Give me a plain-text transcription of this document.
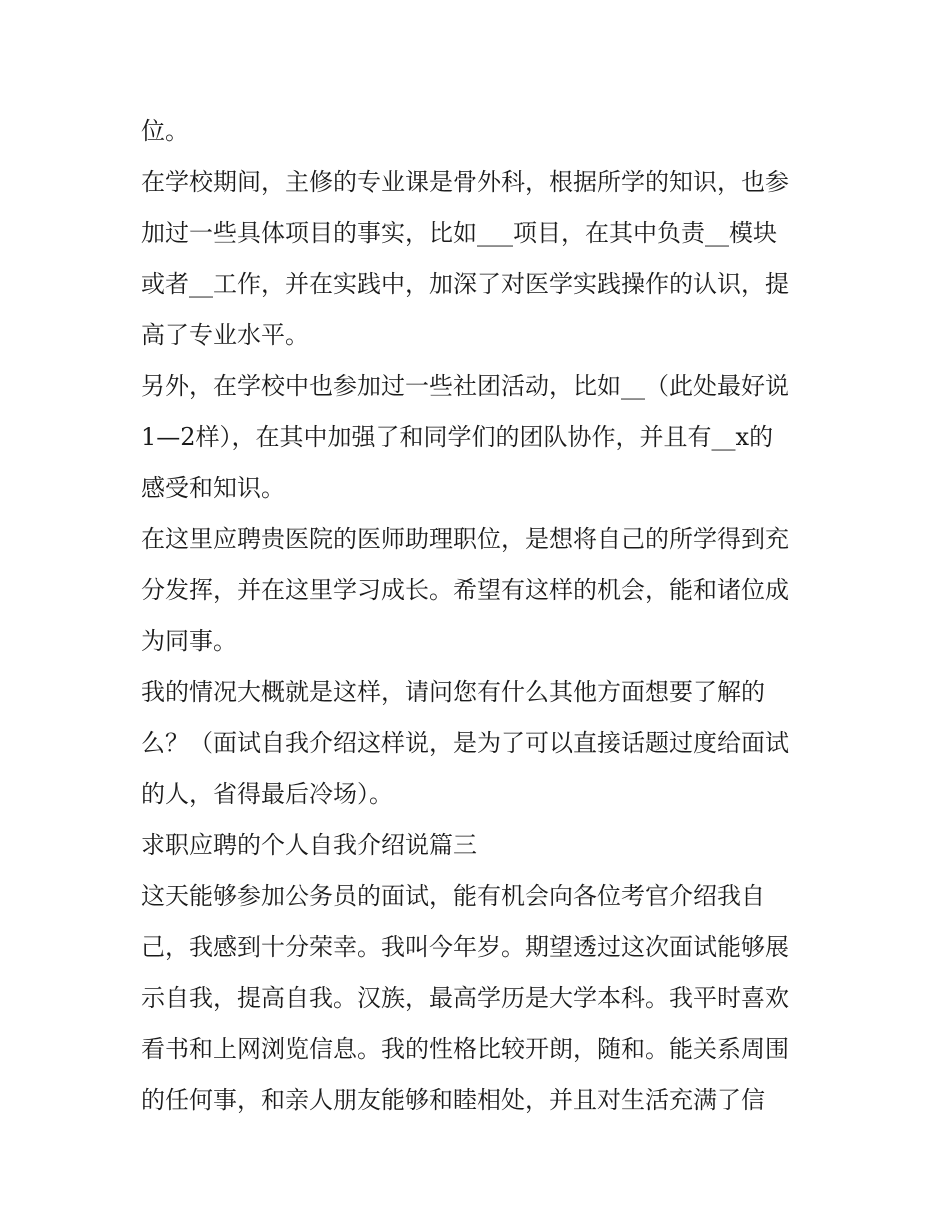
位。

在学校期间，主修的专业课是骨外科，根据所学的知识，也参
加过一些具体项目的事实，比如___项目，在其中负责__模块
或者__工作，并在实践中，加深了对医学实践操作的认识，提
高了专业水平。

另外，在学校中也参加过一些社团活动，比如__（此处最好说
1—2样），在其中加强了和同学们的团队协作，并且有__x的
感受和知识。

在这里应聘贵医院的医师助理职位，是想将自己的所学得到充
分发挥，并在这里学习成长。希望有这样的机会，能和诸位成
为同事。

我的情况大概就是这样，请问您有什么其他方面想要了解的
么？（面试自我介绍这样说，是为了可以直接话题过度给面试
的人，省得最后冷场）。

求职应聘的个人自我介绍说篇三

这天能够参加公务员的面试，能有机会向各位考官介绍我自
己，我感到十分荣幸。我叫今年岁。期望透过这次面试能够展
示自我，提高自我。汉族，最高学历是大学本科。我平时喜欢
看书和上网浏览信息。我的性格比较开朗，随和。能关系周围
的任何事，和亲人朋友能够和睦相处，并且对生活充满了信
